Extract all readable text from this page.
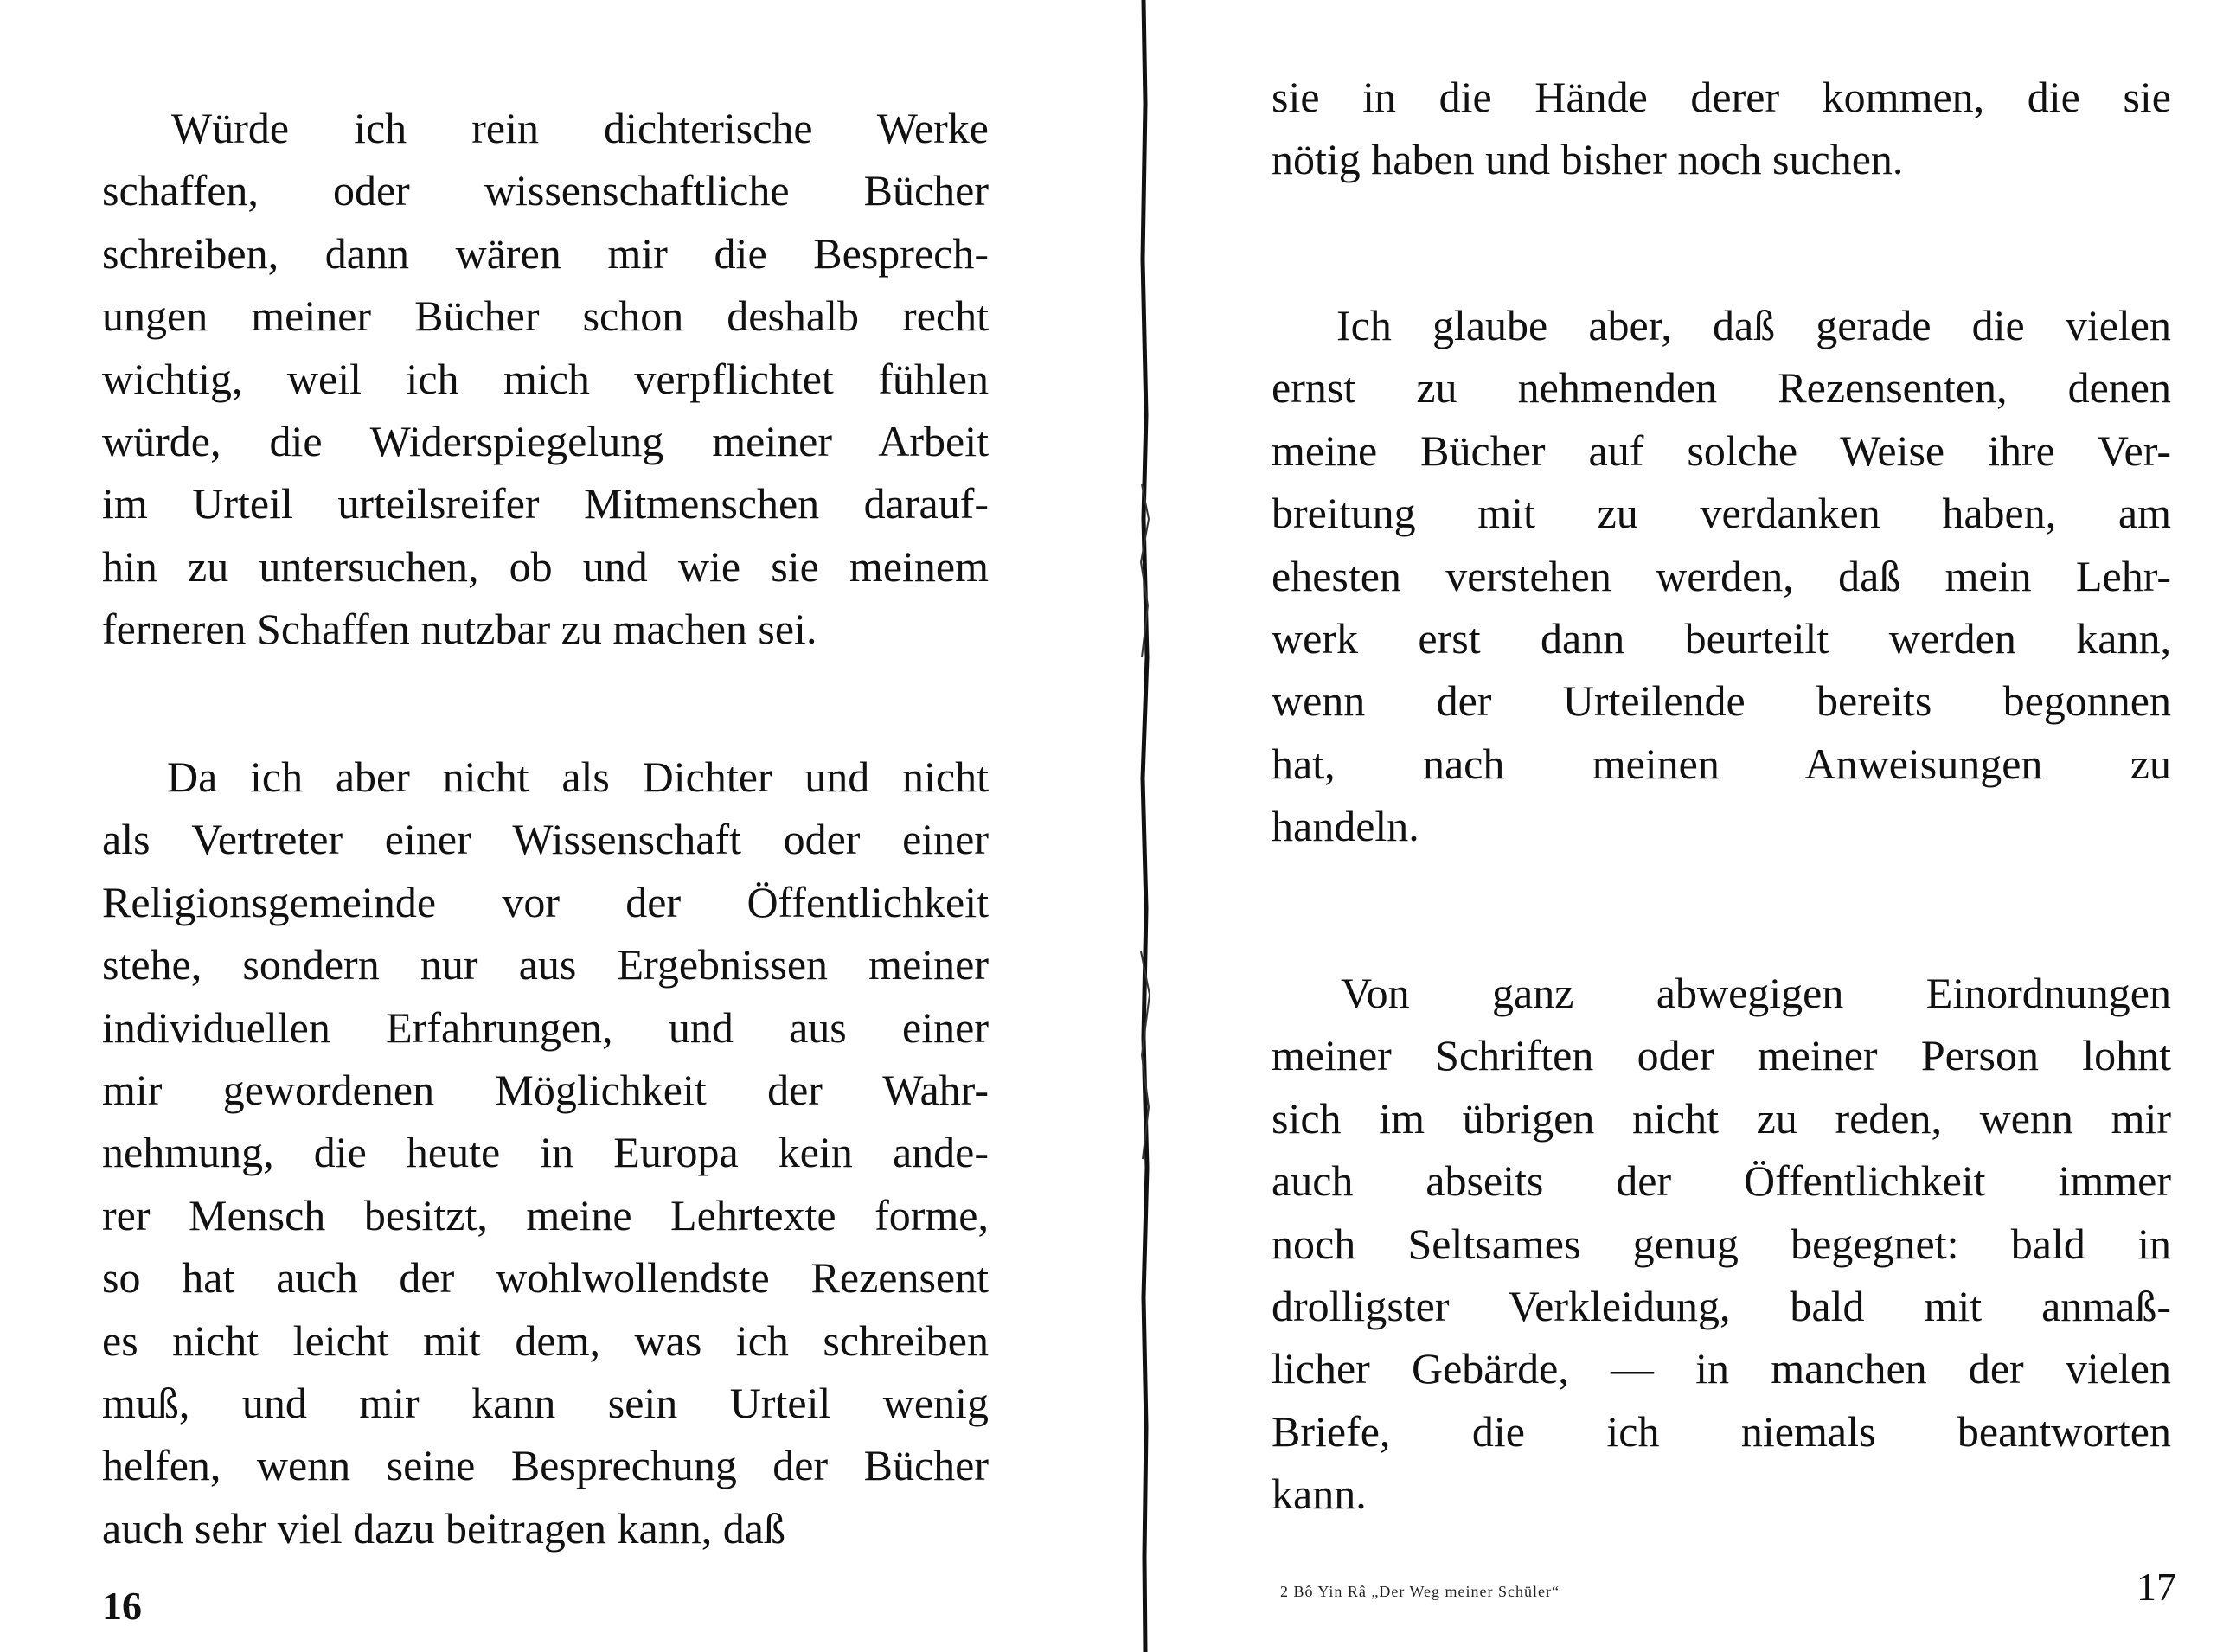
Würde ich rein dichterische Werke
schaffen, oder wissenschaftliche Bücher
schreiben, dann wären mir die Besprech-
ungen meiner Bücher schon deshalb recht
wichtig, weil ich mich verpflichtet fühlen
würde, die Widerspiegelung meiner Arbeit
im Urteil urteilsreifer Mitmenschen darauf-
hin zu untersuchen, ob und wie sie meinem
ferneren Schaffen nutzbar zu machen sei.
Da ich aber nicht als Dichter und nicht
als Vertreter einer Wissenschaft oder einer
Religionsgemeinde vor der Öffentlichkeit
stehe, sondern nur aus Ergebnissen meiner
individuellen Erfahrungen, und aus einer
mir gewordenen Möglichkeit der Wahr-
nehmung, die heute in Europa kein ande-
rer Mensch besitzt, meine Lehrtexte forme,
so hat auch der wohlwollendste Rezensent
es nicht leicht mit dem, was ich schreiben
muß, und mir kann sein Urteil wenig
helfen, wenn seine Besprechung der Bücher
auch sehr viel dazu beitragen kann, daß
16	17
2 Bô Yin Râ „Der Weg meiner Schüler“
sie in die Hände derer kommen, die sie
nötig haben und bisher noch suchen.
Ich glaube aber, daß gerade die vielen
ernst zu nehmenden Rezensenten, denen
meine Bücher auf solche Weise ihre Ver-
breitung mit zu verdanken haben, am
ehesten verstehen werden, daß mein Lehr-
werk erst dann beurteilt werden kann,
wenn der Urteilende bereits begonnen
hat, nach meinen Anweisungen zu
handeln.
Von ganz abwegigen Einordnungen
meiner Schriften oder meiner Person lohnt
sich im übrigen nicht zu reden, wenn mir
auch abseits der Öffentlichkeit immer
noch Seltsames genug begegnet: bald in
drolligster Verkleidung, bald mit anmaß-
licher Gebärde, — in manchen der vielen
Briefe, die ich niemals beantworten
kann.
